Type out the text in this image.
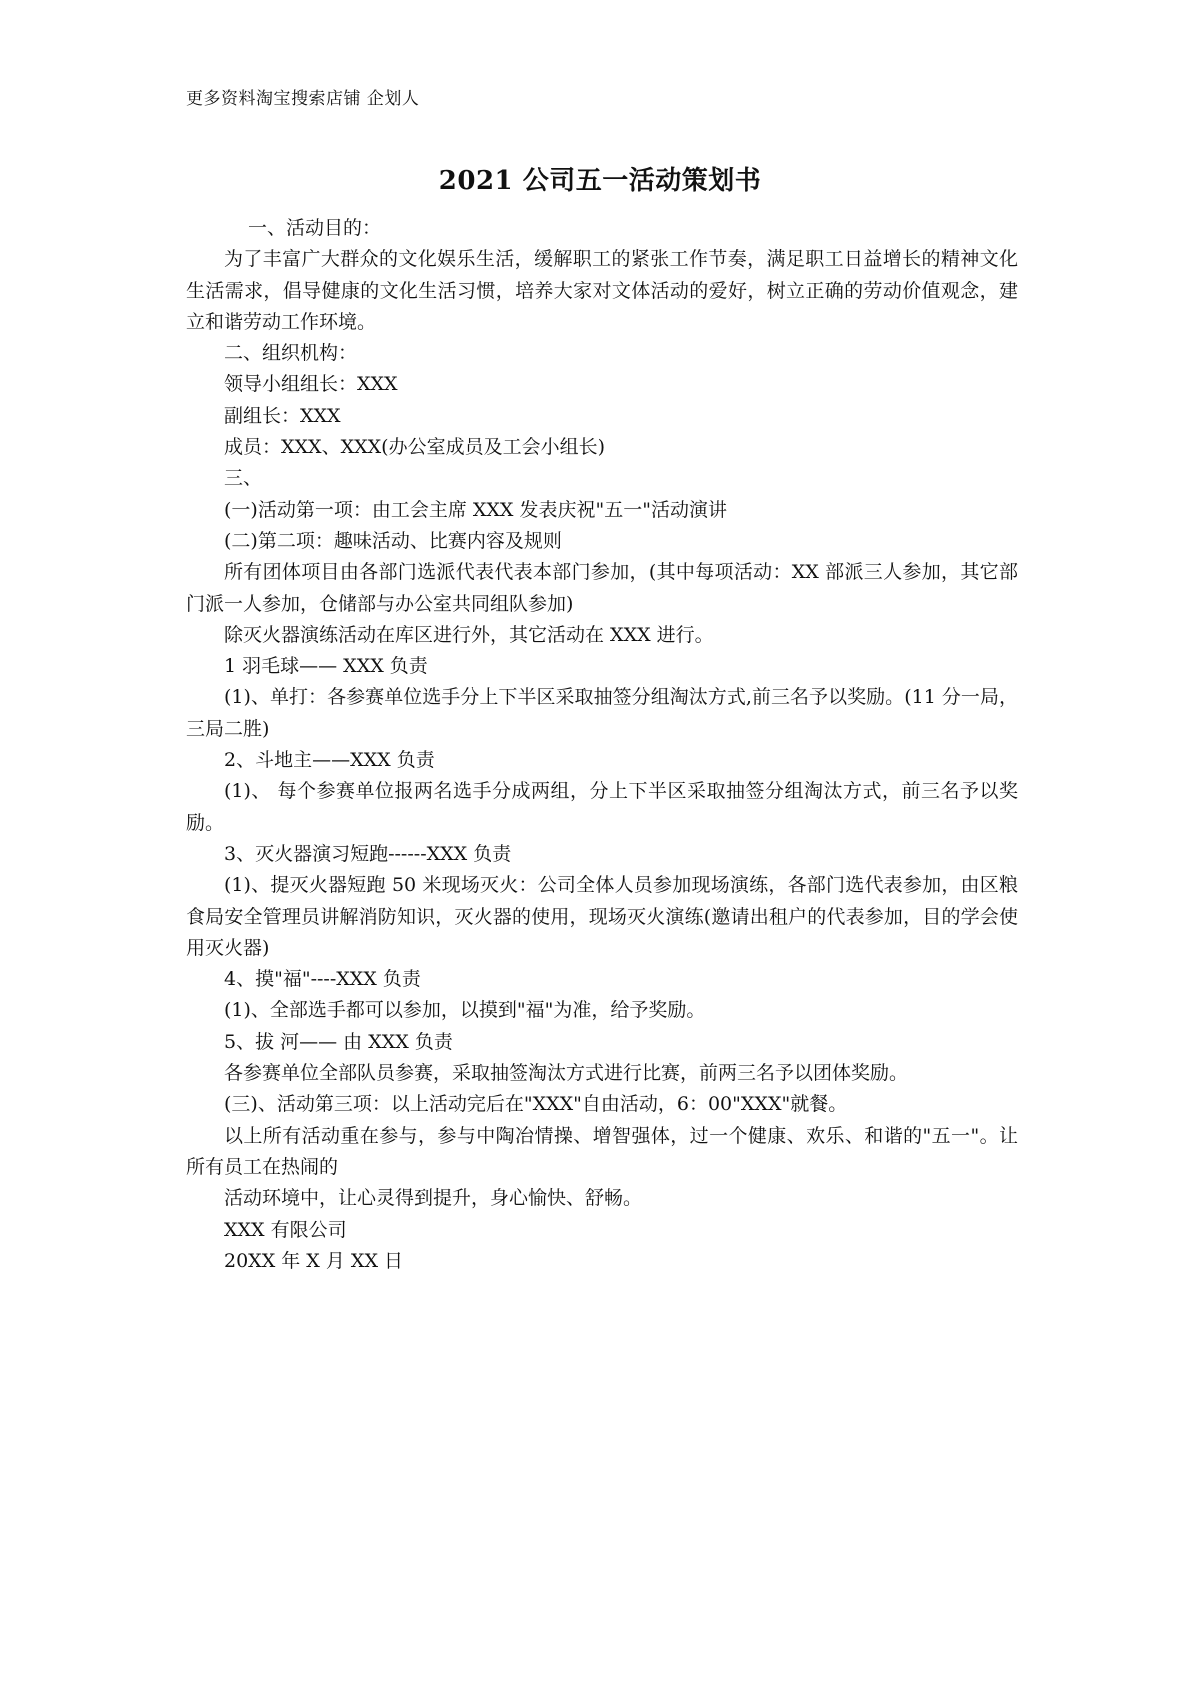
更多资料淘宝搜索店铺 企划人
2021 公司五一活动策划书

一、活动目的：

为了丰富广大群众的文化娱乐生活，缓解职工的紧张工作节奏，满足职工日益增长的精神文化生活需求，倡导健康的文化生活习惯，培养大家对文体活动的爱好，树立正确的劳动价值观念，建立和谐劳动工作环境。

二、组织机构：

领导小组组长：XXX

副组长：XXX

成员：XXX、XXX(办公室成员及工会小组长)

三、

(一)活动第一项：由工会主席 XXX 发表庆祝"五一"活动演讲

(二)第二项：趣味活动、比赛内容及规则

所有团体项目由各部门选派代表代表本部门参加，(其中每项活动：XX 部派三人参加，其它部门派一人参加，仓储部与办公室共同组队参加)

除灭火器演练活动在库区进行外，其它活动在 XXX 进行。

1 羽毛球—— XXX 负责

(1)、单打：各参赛单位选手分上下半区采取抽签分组淘汰方式,前三名予以奖励。(11 分一局，三局二胜)

2、斗地主——XXX 负责

(1)、 每个参赛单位报两名选手分成两组，分上下半区采取抽签分组淘汰方式，前三名予以奖励。

3、灭火器演习短跑------XXX 负责

(1)、提灭火器短跑 50 米现场灭火：公司全体人员参加现场演练，各部门选代表参加，由区粮食局安全管理员讲解消防知识，灭火器的使用，现场灭火演练(邀请出租户的代表参加，目的学会使用灭火器)

4、摸"福"----XXX 负责

(1)、全部选手都可以参加，以摸到"福"为准，给予奖励。

5、拔 河—— 由 XXX 负责

各参赛单位全部队员参赛，采取抽签淘汰方式进行比赛，前两三名予以团体奖励。

(三)、活动第三项：以上活动完后在"XXX"自由活动，6：00"XXX"就餐。

以上所有活动重在参与，参与中陶冶情操、增智强体，过一个健康、欢乐、和谐的"五一"。让所有员工在热闹的

活动环境中，让心灵得到提升，身心愉快、舒畅。

XXX 有限公司

20XX 年 X 月 XX 日
